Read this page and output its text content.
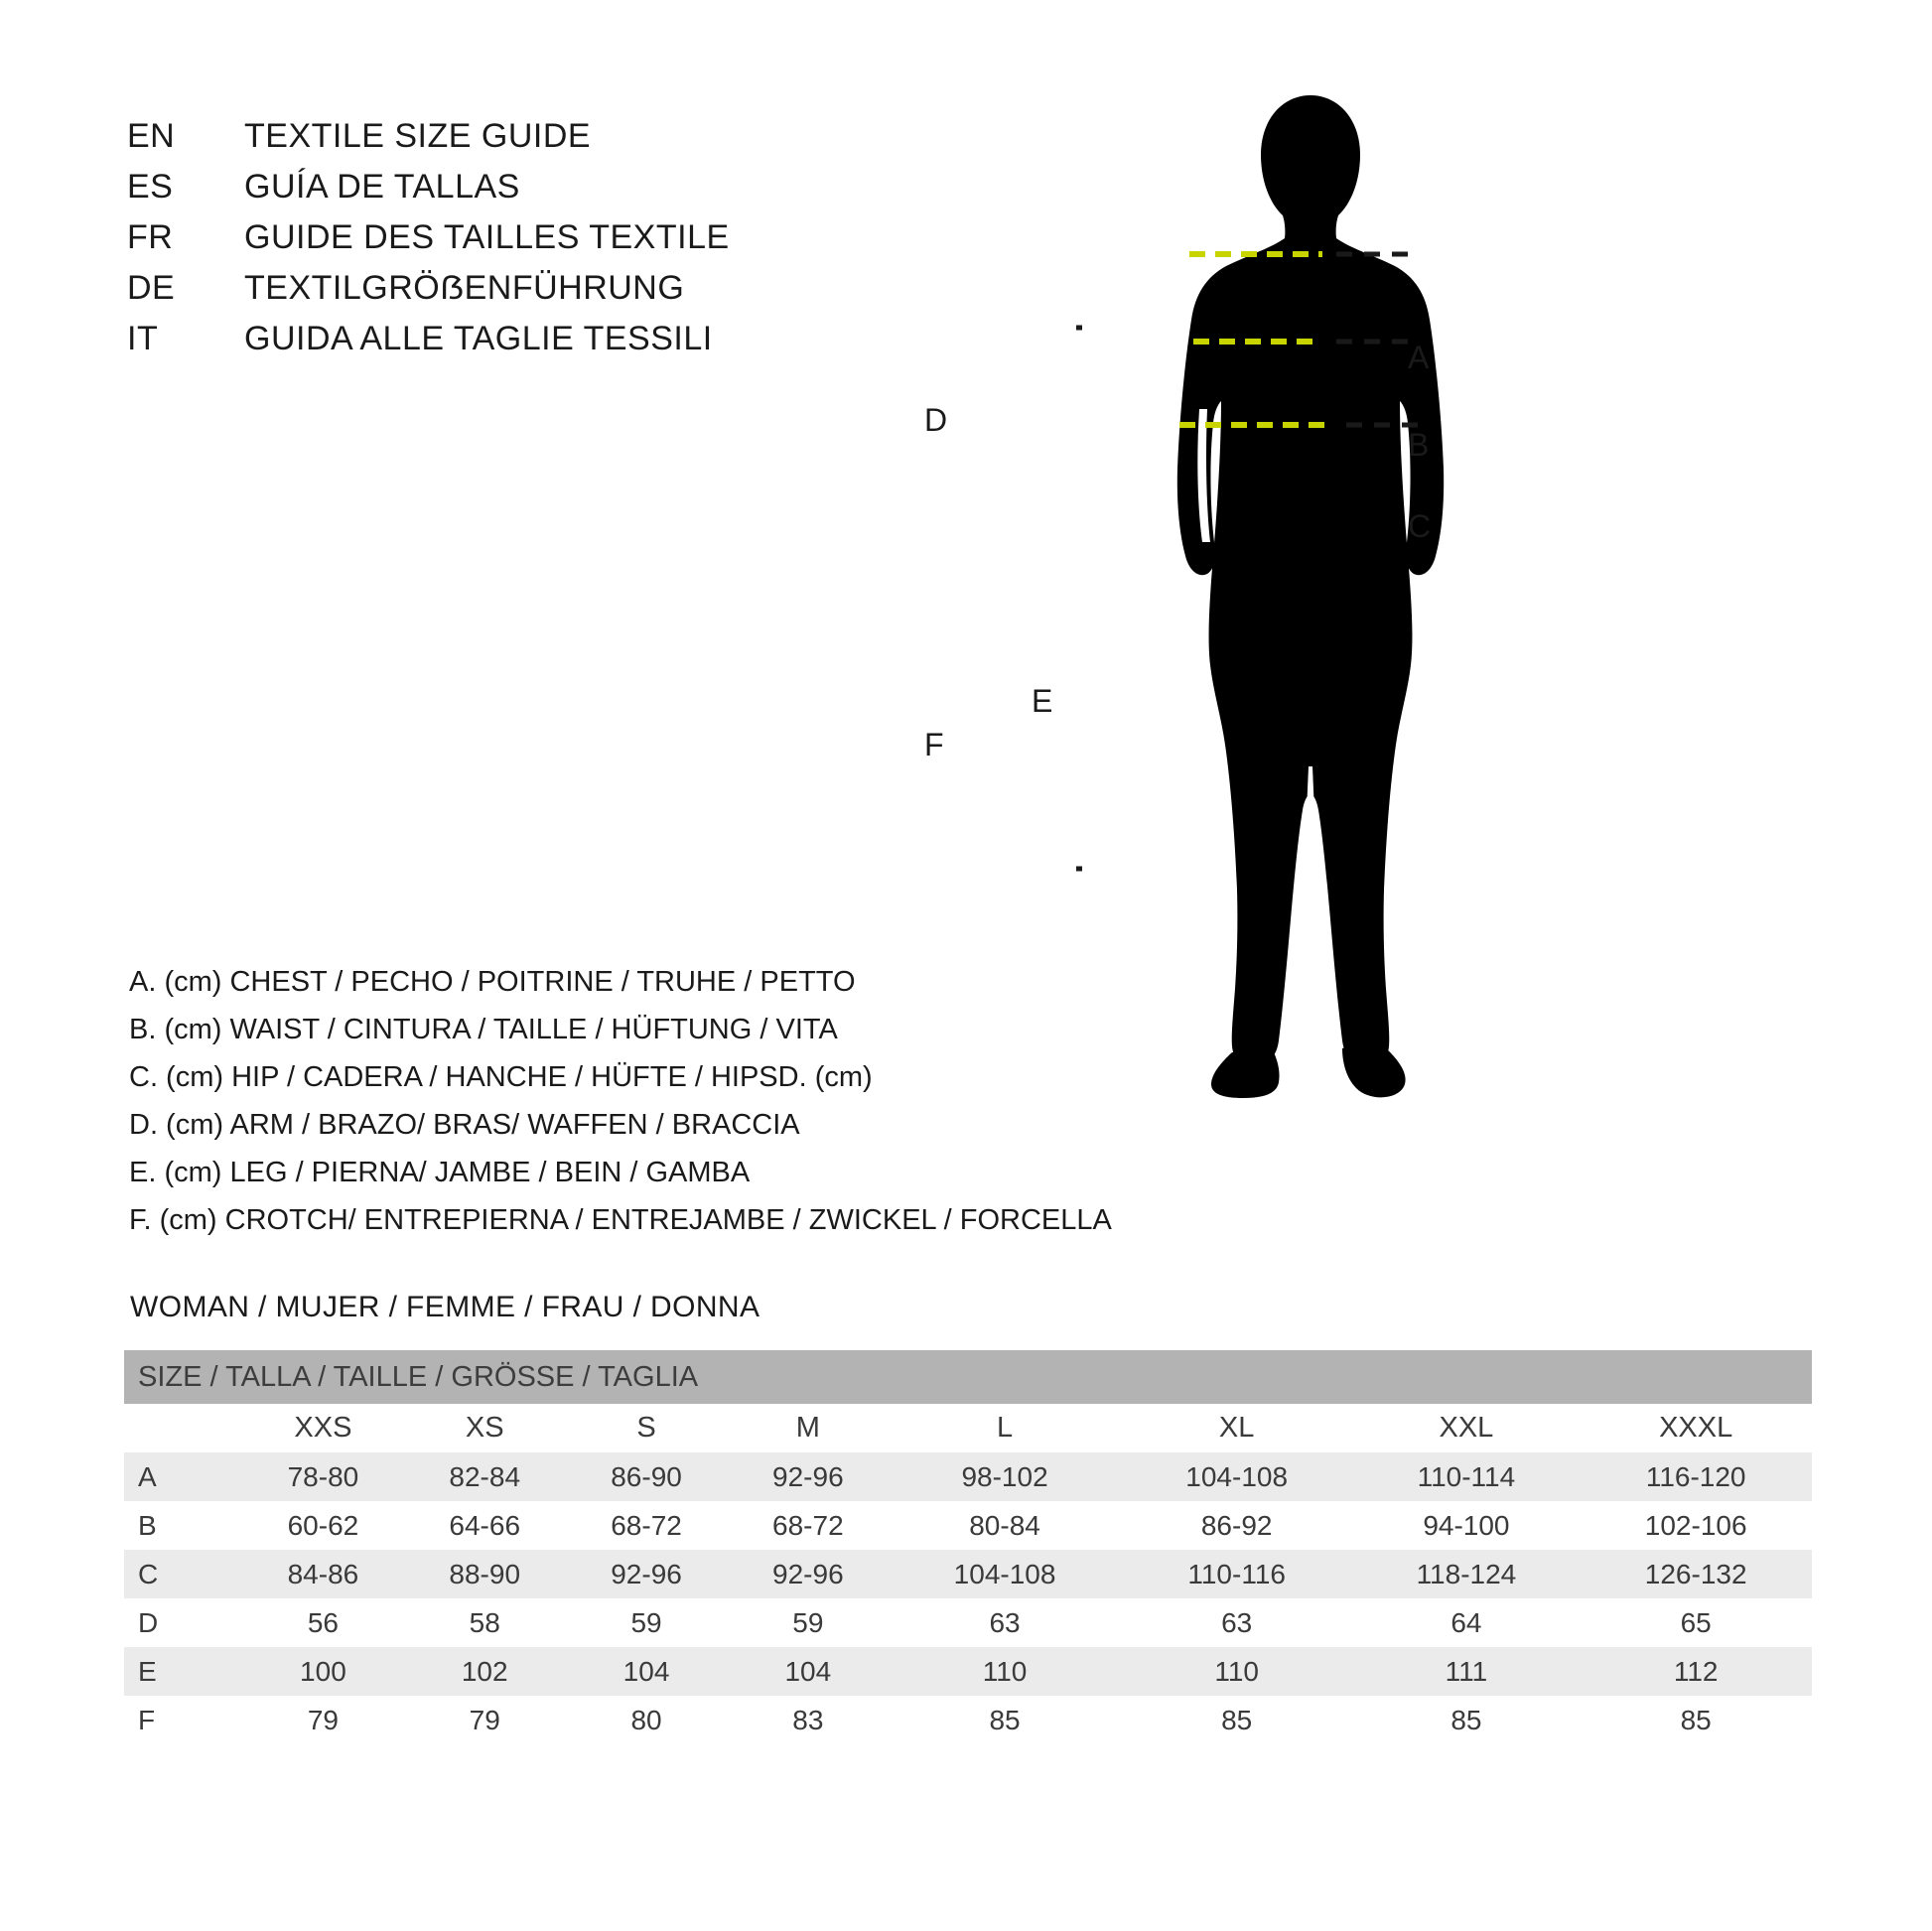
EN	TEXTILE SIZE GUIDE
ES	GUÍA DE TALLAS
FR	GUIDE DES TAILLES TEXTILE
DE	TEXTILGRÖẞENFÜHRUNG
IT	GUIDA ALLE TAGLIE TESSILI	A
B
C
D
E
F
A. (cm) CHEST / PECHO / POITRINE / TRUHE / PETTO
B. (cm) WAIST / CINTURA / TAILLE / HÜFTUNG / VITA
C. (cm) HIP / CADERA / HANCHE / HÜFTE / HIPSD. (cm)
D. (cm) ARM / BRAZO/ BRAS/ WAFFEN / BRACCIA
E. (cm) LEG / PIERNA/ JAMBE / BEIN / GAMBA
F. (cm) CROTCH/ ENTREPIERNA / ENTREJAMBE / ZWICKEL / FORCELLA
WOMAN / MUJER / FEMME / FRAU / DONNA
SIZE / TALLA / TAILLE / GRÖSSE / TAGLIA								
	XXS	XS	S	M	L	XL	XXL	XXXL
A	78-80	82-84	86-90	92-96	98-102	104-108	110-114	116-120
B	60-62	64-66	68-72	68-72	80-84	86-92	94-100	102-106
C	84-86	88-90	92-96	92-96	104-108	110-116	118-124	126-132
D	56	58	59	59	63	63	64	65
E	100	102	104	104	110	110	111	112
F	79	79	80	83	85	85	85	85
